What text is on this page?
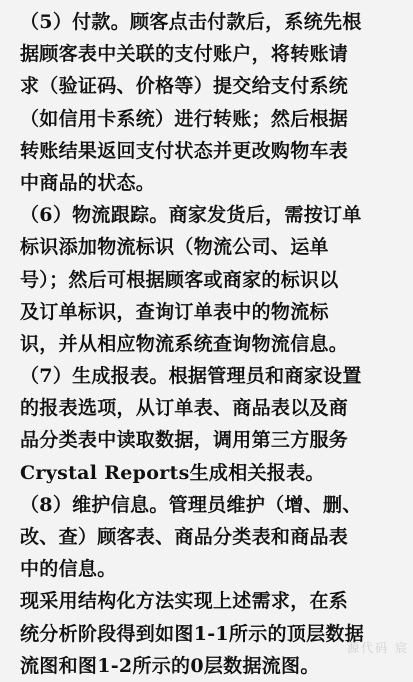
（5）付款。顾客点击付款后，系统先根
据顾客表中关联的支付账户，将转账请
求（验证码、价格等）提交给支付系统
（如信用卡系统）进行转账；然后根据
转账结果返回支付状态并更改购物车表
中商品的状态。
（6）物流跟踪。商家发货后，需按订单
标识添加物流标识（物流公司、运单
号）；然后可根据顾客或商家的标识以
及订单标识，查询订单表中的物流标
识，并从相应物流系统查询物流信息。
（7）生成报表。根据管理员和商家设置
的报表选项，从订单表、商品表以及商
品分类表中读取数据，调用第三方服务
Crystal Reports生成相关报表。
（8）维护信息。管理员维护（增、删、
改、查）顾客表、商品分类表和商品表
中的信息。
现采用结构化方法实现上述需求，在系
统分析阶段得到如图1-1所示的顶层数据
流图和图1-2所示的0层数据流图。
源代码 宸
